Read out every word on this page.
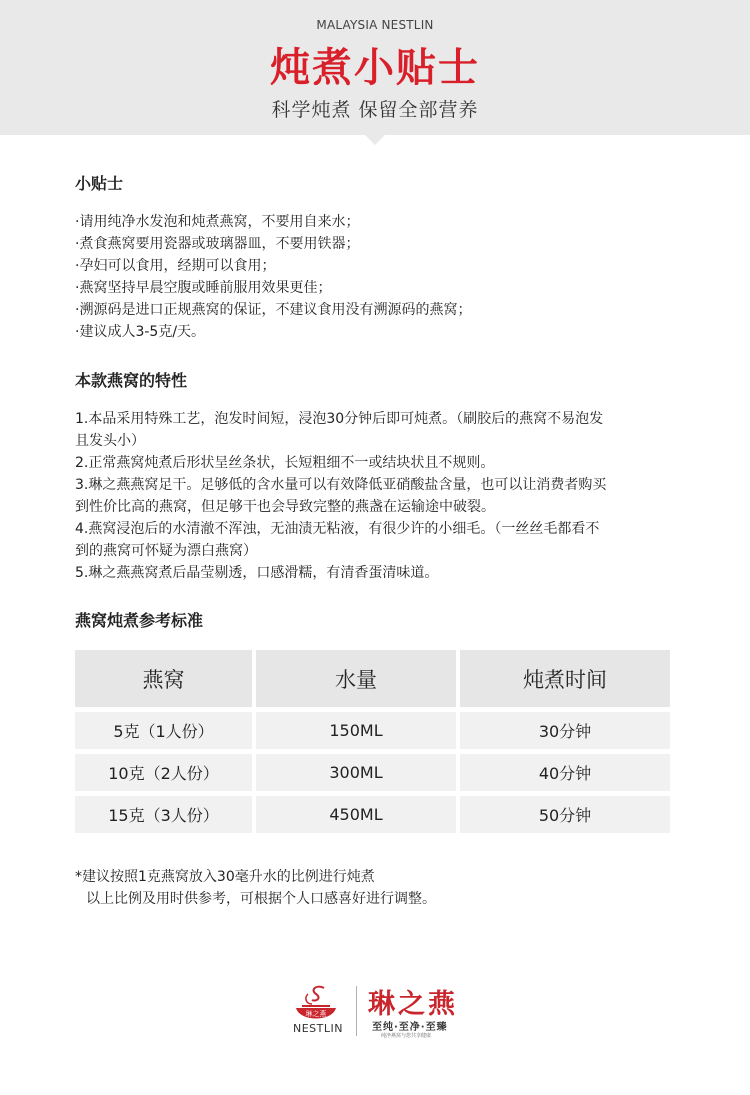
MALAYSIA NESTLIN
炖煮小贴士
科学炖煮 保留全部营养
小贴士
·请用纯净水发泡和炖煮燕窝，不要用自来水；
·煮食燕窝要用瓷器或玻璃器皿，不要用铁器；
·孕妇可以食用，经期可以食用；
·燕窝坚持早晨空腹或睡前服用效果更佳；
·溯源码是进口正规燕窝的保证，不建议食用没有溯源码的燕窝；
·建议成人3-5克/天。
本款燕窝的特性
1.本品采用特殊工艺，泡发时间短，浸泡30分钟后即可炖煮。（刷胶后的燕窝不易泡发
且发头小）
2.正常燕窝炖煮后形状呈丝条状，长短粗细不一或结块状且不规则。
3.琳之燕燕窝足干。足够低的含水量可以有效降低亚硝酸盐含量，也可以让消费者购买
到性价比高的燕窝，但足够干也会导致完整的燕盏在运输途中破裂。
4.燕窝浸泡后的水清澈不浑浊，无油渍无粘液，有很少许的小细毛。（一丝丝毛都看不
到的燕窝可怀疑为漂白燕窝）
5.琳之燕燕窝煮后晶莹剔透，口感滑糯，有清香蛋清味道。
燕窝炖煮参考标准
燕窝	水量	炖煮时间
5克（1人份）	150ML	30分钟
10克（2人份）	300ML	40分钟
15克（3人份）	450ML	50分钟
*建议按照1克燕窝放入30毫升水的比例进行炖煮
以上比例及用时供参考，可根据个人口感喜好进行调整。
琳之燕
NESTLIN
琳之燕
至纯·至净·至臻
纯净燕窝与您共享健康
